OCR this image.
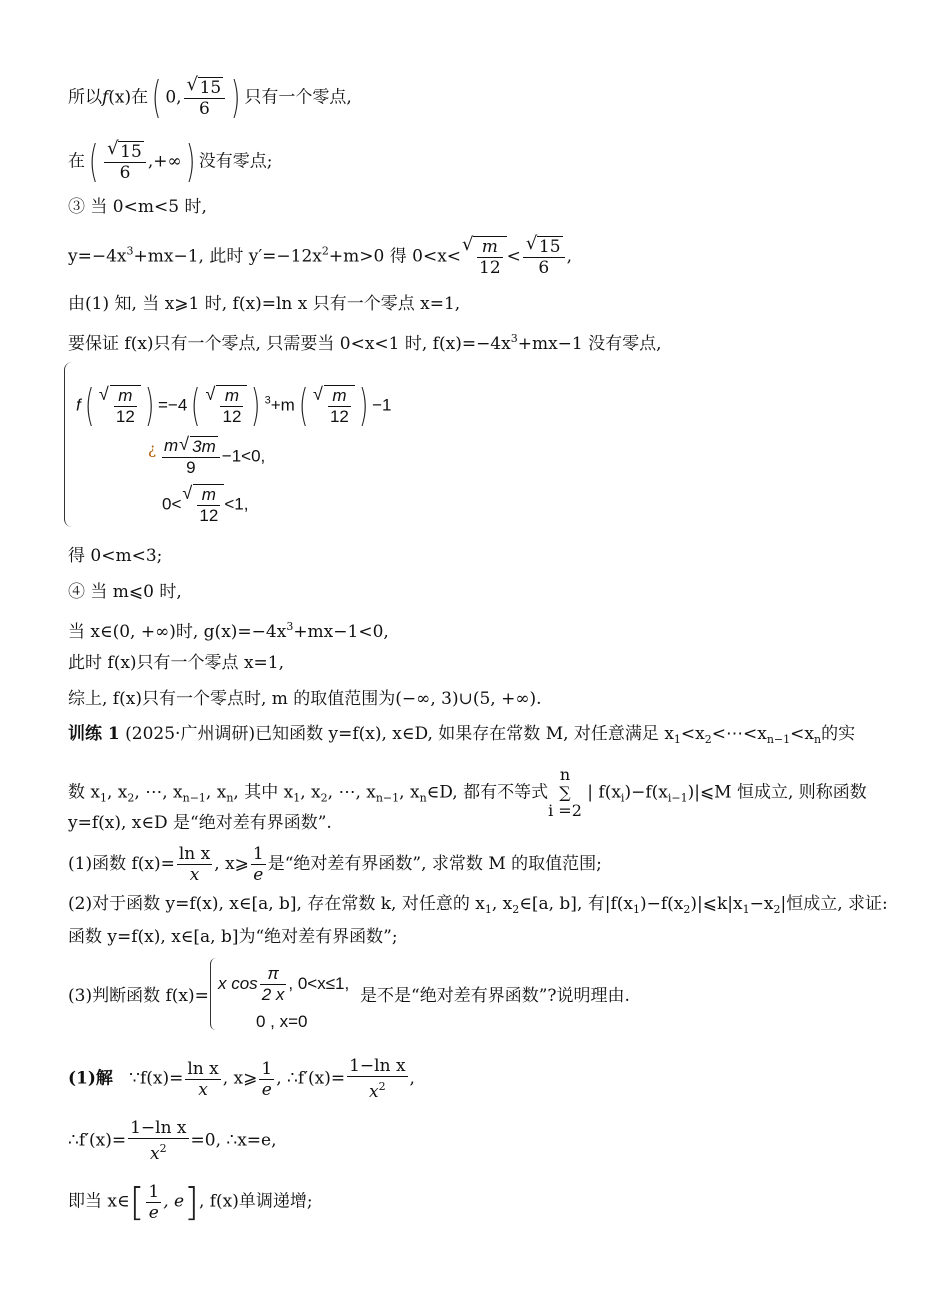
所以f(x)在( 0, √ $\frac{15}{6}$ ) 只有一个零点,
在( √ $\frac{15}{6}$ ,+∞) 没有零点;
③ 当 0<m<5 时,
$y=-4x^3+mx-1$, 此时 $y'=-12x^2+m>0$ 得 0<x< √ $\frac{m}{12}$ < √ $\frac{15}{6}$ ,
由(1) 知, 当 x⩾1 时, f(x)=ln x 只有一个零点 x=1,
要保证 f(x)只有一个零点, 只需要当 0<x<1 时, $f(x)=-4x^3+mx-1$ 没有零点,
f( √ $\frac{m}{12}$ ) =−4( √ $\frac{m}{12}$ ) $^3$+m( √ $\frac{m}{12}$ ) −1
¿ $\frac{m √ 3m}{9} -1<0$,
0< √ $\frac{m}{12} <1$,
得 0<m<3;
④ 当 m⩽0 时,
当 x∈(0, +∞)时, $g(x)=-4x^3+mx-1<0$,
此时 f(x)只有一个零点 x=1,
综上, f(x)只有一个零点时, m 的取值范围为(−∞, 3)∪(5, +∞).
训练 1 (2025·广州调研)已知函数 y=f(x), x∈D, 如果存在常数 M, 对任意满足 $x_1<x_2<\cdots<x_{n-1}<x_n$的实
数 $x_1$, $x_2$, ⋯, $x_{n-1}$, $x_n$, 其中 $x_1$, $x_2$, ⋯, $x_{n-1}$, $x_n\in D$, 都有不等式
n
∑
i =2
| $f(x_i)-f(x_{i-1})|⩽M$ 恒成立, 则称函数
y=f(x), x∈D 是“绝对差有界函数”.
(1)函数 $f(x)= \frac{\text{ln x}}{x}$ , x⩾ $\frac{1}{e}$ 是“绝对差有界函数”, 求常数 M 的取值范围;
(2)对于函数 y=f(x), x∈[a, b], 存在常数 k, 对任意的 $x_1$, $x_2\in[a$, b], 有$|f(x_1)-f(x_2)|⩽k|x_1-x_2|$恒成立, 求证:
函数 y=f(x), x∈[a, b]为“绝对差有界函数”;
(3)判断函数 f(x)=
x $\cos \frac{\pi}{2 x}$ , 0<x≤1,
0 , x=0
是不是“绝对差有界函数”?说明理由.
(1)解 ∵f(x)= $\frac{\text{ln x}}{x}$ , x⩾ $\frac{1}{e}$ , ∴f′(x)= $\frac{\text{1−ln x}}{x^2}$ ,
∴f′(x)= $\frac{\text{1−ln x}}{x^2} =0$, ∴x=e,
即当 x∈[ $\frac{1}{e}$ , e], f(x)单调递增;
